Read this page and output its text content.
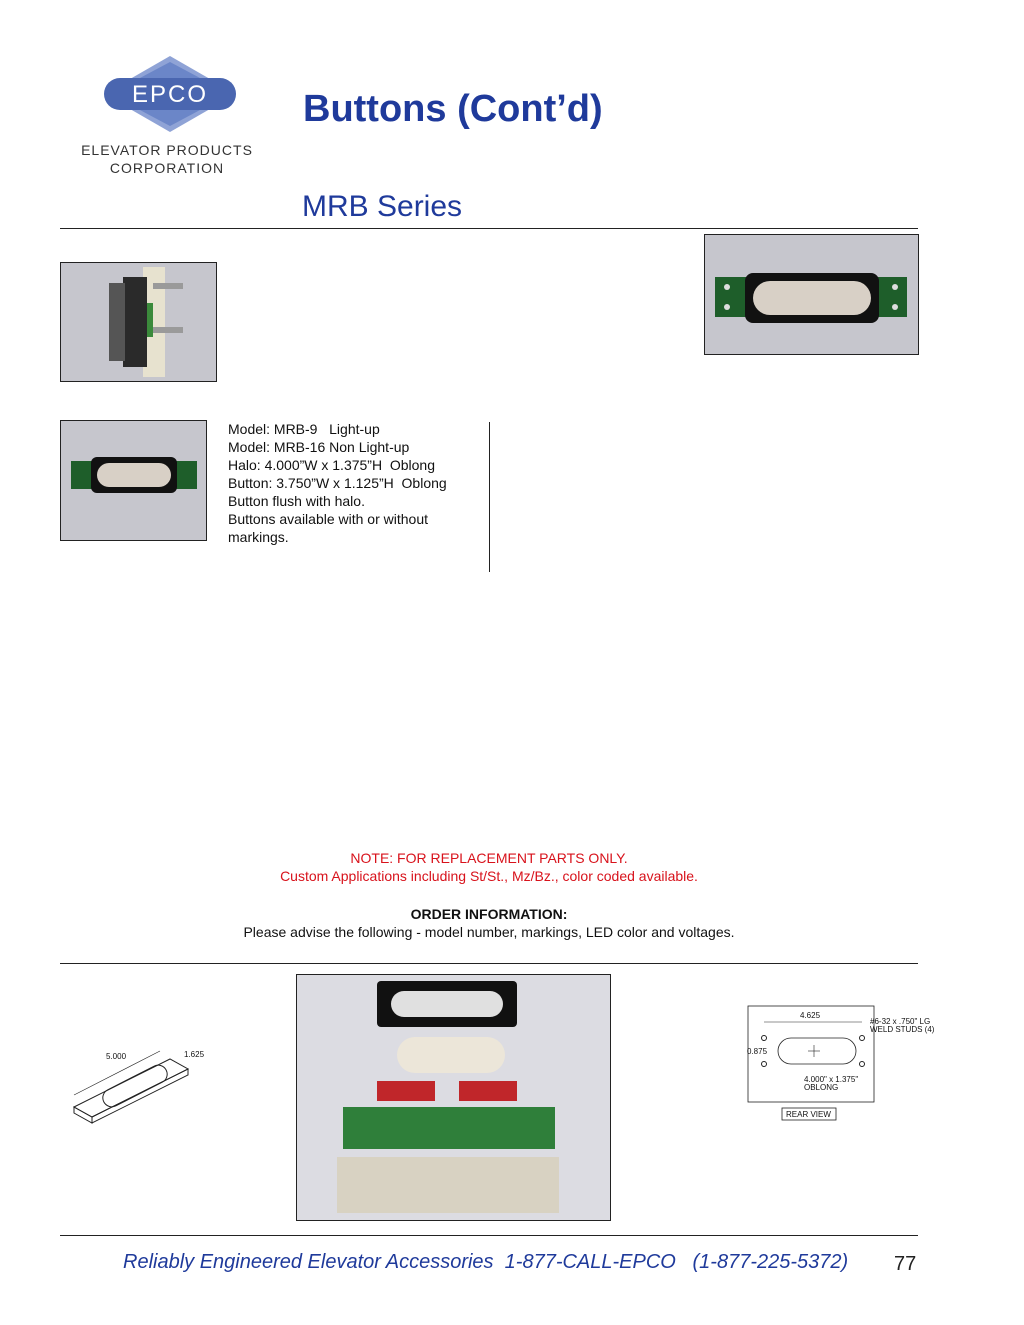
EPCO
ELEVATOR PRODUCTS
CORPORATION
Buttons (Cont’d)
MRB Series
Model: MRB-9   Light-up
Model: MRB-16 Non Light-up
Halo: 4.000”W x 1.375”H  Oblong
Button: 3.750”W x 1.125”H  Oblong
Button flush with halo.
Buttons available with or without
markings.
NOTE: FOR REPLACEMENT PARTS ONLY.
Custom Applications including St/St., Mz/Bz., color coded available.
ORDER INFORMATION:
Please advise the following - model number, markings, LED color and voltages.
5.000	1.625
4.625
0.875
#6-32 x .750" LG
WELD STUDS (4)
4.000" x 1.375"
OBLONG
REAR VIEW
Reliably Engineered Elevator Accessories  1-877-CALL-EPCO   (1-877-225-5372) 77
